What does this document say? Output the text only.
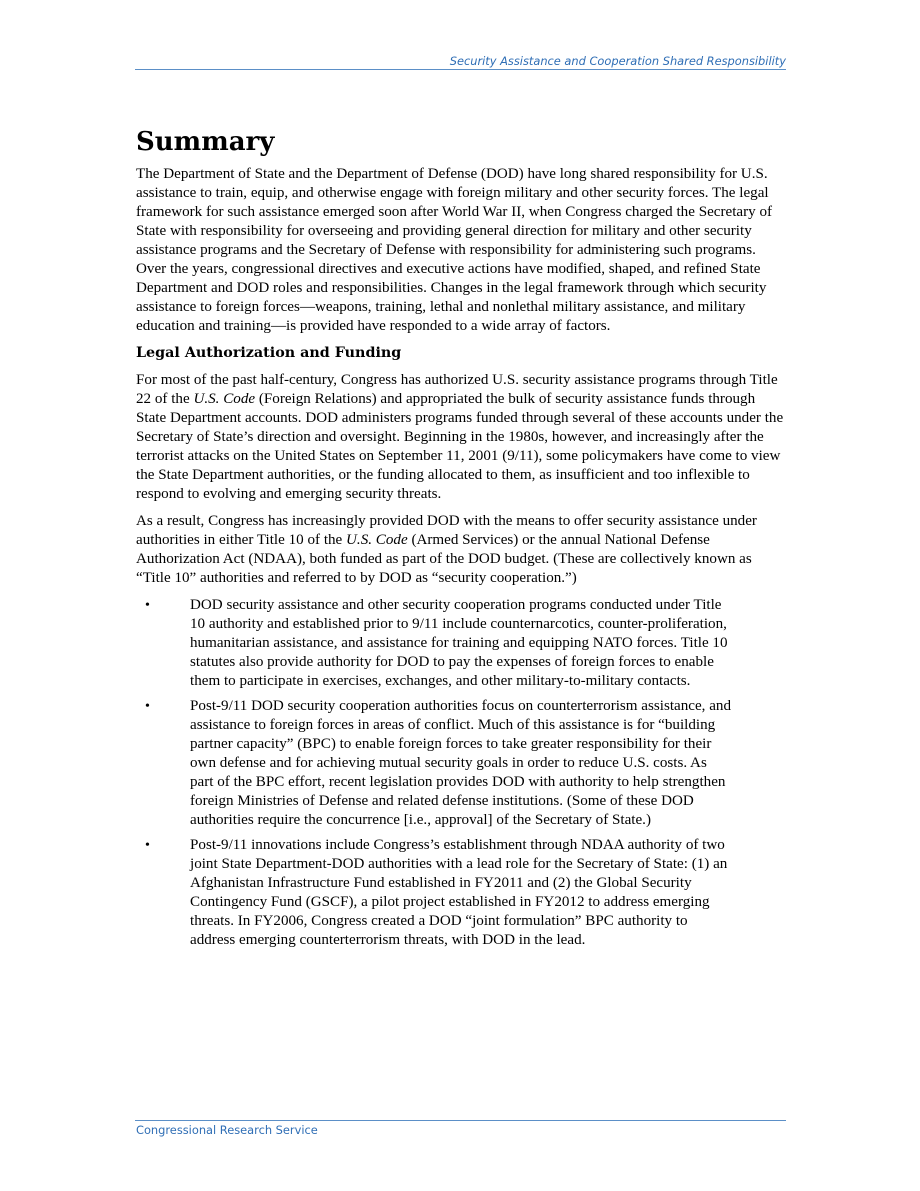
Security Assistance and Cooperation Shared Responsibility
Summary

The Department of State and the Department of Defense (DOD) have long shared responsibility for U.S. assistance to train, equip, and otherwise engage with foreign military and other security forces. The legal framework for such assistance emerged soon after World War II, when Congress charged the Secretary of State with responsibility for overseeing and providing general direction for military and other security assistance programs and the Secretary of Defense with responsibility for administering such programs. Over the years, congressional directives and executive actions have modified, shaped, and refined State Department and DOD roles and responsibilities. Changes in the legal framework through which security assistance to foreign forces—weapons, training, lethal and nonlethal military assistance, and military education and training—is provided have responded to a wide array of factors.

Legal Authorization and Funding

For most of the past half-century, Congress has authorized U.S. security assistance programs through Title 22 of the U.S. Code (Foreign Relations) and appropriated the bulk of security assistance funds through State Department accounts. DOD administers programs funded through several of these accounts under the Secretary of State’s direction and oversight. Beginning in the 1980s, however, and increasingly after the terrorist attacks on the United States on September 11, 2001 (9/11), some policymakers have come to view the State Department authorities, or the funding allocated to them, as insufficient and too inflexible to respond to evolving and emerging security threats.

As a result, Congress has increasingly provided DOD with the means to offer security assistance under authorities in either Title 10 of the U.S. Code (Armed Services) or the annual National Defense Authorization Act (NDAA), both funded as part of the DOD budget. (These are collectively known as “Title 10” authorities and referred to by DOD as “security cooperation.”)

•	DOD security assistance and other security cooperation programs conducted under Title 10 authority and established prior to 9/11 include counternarcotics, counter-proliferation, humanitarian assistance, and assistance for training and equipping NATO forces. Title 10 statutes also provide authority for DOD to pay the expenses of foreign forces to enable them to participate in exercises, exchanges, and other military-to-military contacts.
•	Post-9/11 DOD security cooperation authorities focus on counterterrorism assistance, and assistance to foreign forces in areas of conflict. Much of this assistance is for “building partner capacity” (BPC) to enable foreign forces to take greater responsibility for their own defense and for achieving mutual security goals in order to reduce U.S. costs. As part of the BPC effort, recent legislation provides DOD with authority to help strengthen foreign Ministries of Defense and related defense institutions. (Some of these DOD authorities require the concurrence [i.e., approval] of the Secretary of State.)
•	Post-9/11 innovations include Congress’s establishment through NDAA authority of two joint State Department-DOD authorities with a lead role for the Secretary of State: (1) an Afghanistan Infrastructure Fund established in FY2011 and (2) the Global Security Contingency Fund (GSCF), a pilot project established in FY2012 to address emerging threats. In FY2006, Congress created a DOD “joint formulation” BPC authority to address emerging counterterrorism threats, with DOD in the lead.
Congressional Research Service
